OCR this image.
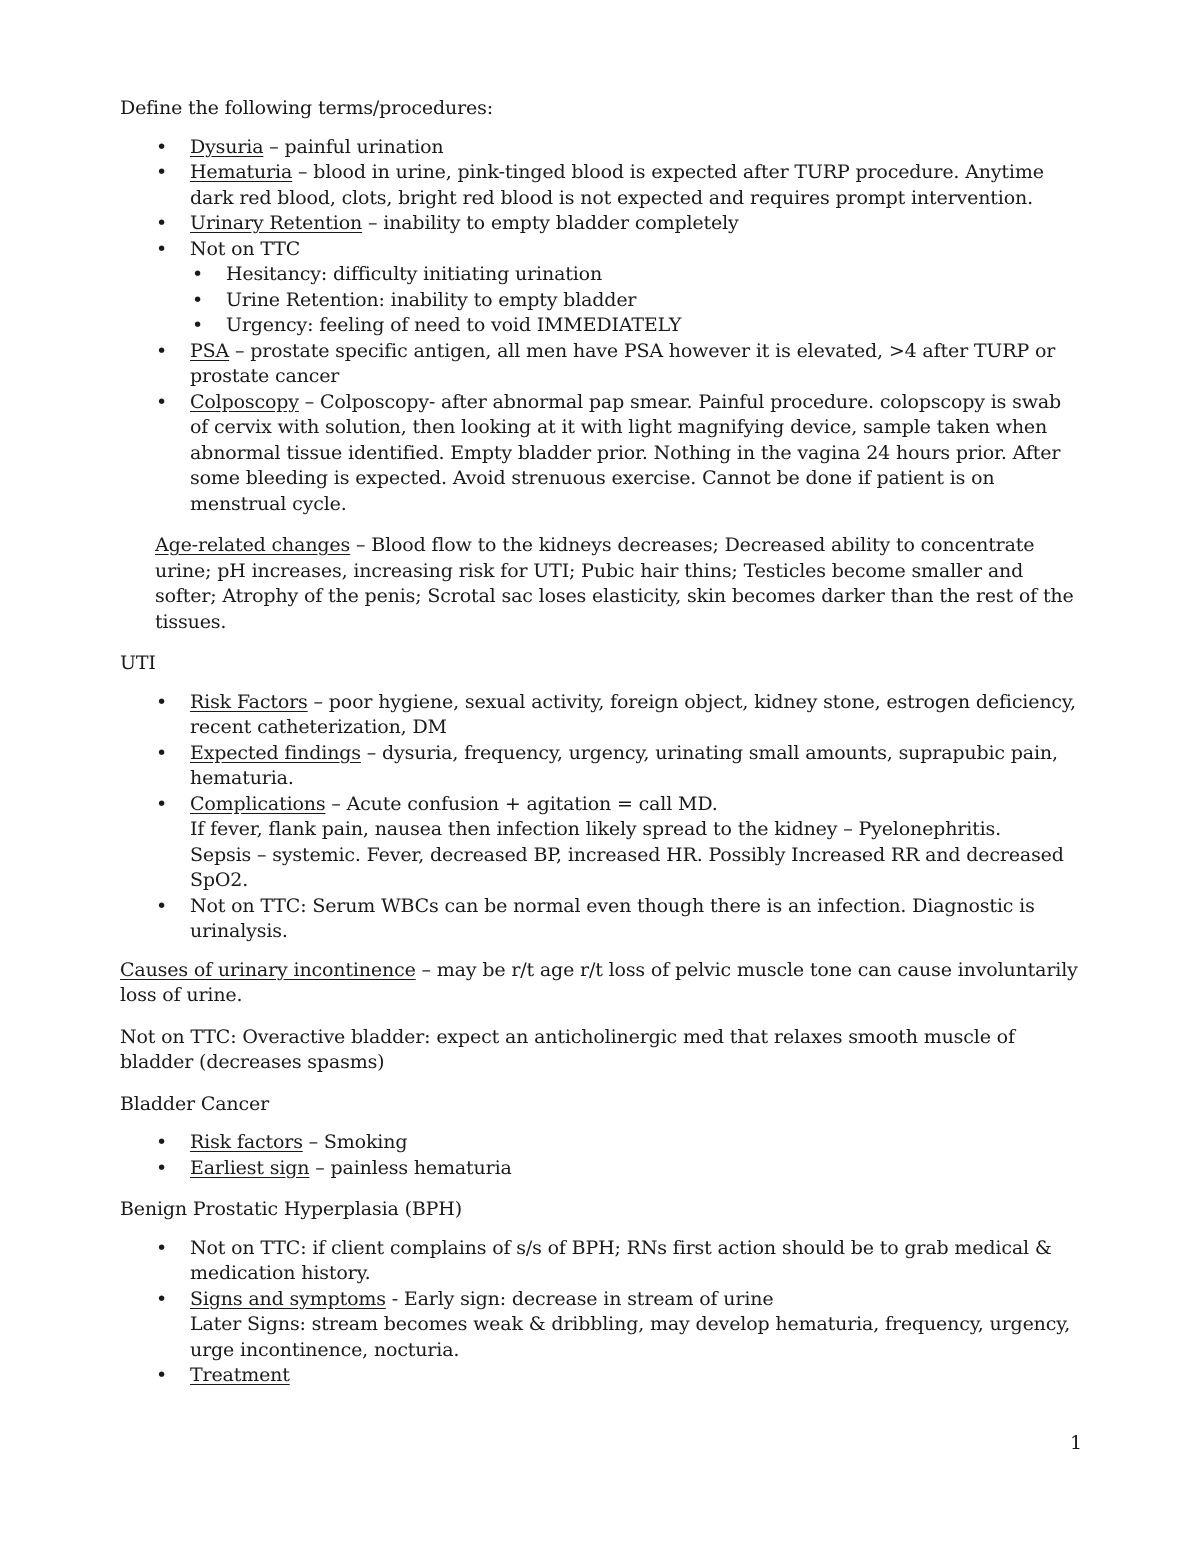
Define the following terms/procedures:

• Dysuria – painful urination
• Hematuria – blood in urine, pink-tinged blood is expected after TURP procedure. Anytime dark red blood, clots, bright red blood is not expected and requires prompt intervention.
• Urinary Retention – inability to empty bladder completely
• Not on TTC
• Hesitancy: difficulty initiating urination
• Urine Retention: inability to empty bladder
• Urgency: feeling of need to void IMMEDIATELY
• PSA – prostate specific antigen, all men have PSA however it is elevated, >4 after TURP or prostate cancer
• Colposcopy – Colposcopy- after abnormal pap smear. Painful procedure. colopscopy is swab of cervix with solution, then looking at it with light magnifying device, sample taken when abnormal tissue identified. Empty bladder prior. Nothing in the vagina 24 hours prior. After some bleeding is expected. Avoid strenuous exercise. Cannot be done if patient is on menstrual cycle.

Age-related changes – Blood flow to the kidneys decreases; Decreased ability to concentrate urine; pH increases, increasing risk for UTI; Pubic hair thins; Testicles become smaller and softer; Atrophy of the penis; Scrotal sac loses elasticity, skin becomes darker than the rest of the tissues.

UTI

• Risk Factors – poor hygiene, sexual activity, foreign object, kidney stone, estrogen deficiency, recent catheterization, DM
• Expected findings – dysuria, frequency, urgency, urinating small amounts, suprapubic pain, hematuria.
• Complications – Acute confusion + agitation = call MD.
If fever, flank pain, nausea then infection likely spread to the kidney – Pyelonephritis.
Sepsis – systemic. Fever, decreased BP, increased HR. Possibly Increased RR and decreased SpO2.
• Not on TTC: Serum WBCs can be normal even though there is an infection. Diagnostic is urinalysis.

Causes of urinary incontinence – may be r/t age r/t loss of pelvic muscle tone can cause involuntarily loss of urine.

Not on TTC: Overactive bladder: expect an anticholinergic med that relaxes smooth muscle of bladder (decreases spasms)

Bladder Cancer

• Risk factors – Smoking
• Earliest sign – painless hematuria

Benign Prostatic Hyperplasia (BPH)

• Not on TTC: if client complains of s/s of BPH; RNs first action should be to grab medical & medication history.
• Signs and symptoms - Early sign: decrease in stream of urine
Later Signs: stream becomes weak & dribbling, may develop hematuria, frequency, urgency, urge incontinence, nocturia.
• Treatment
1
